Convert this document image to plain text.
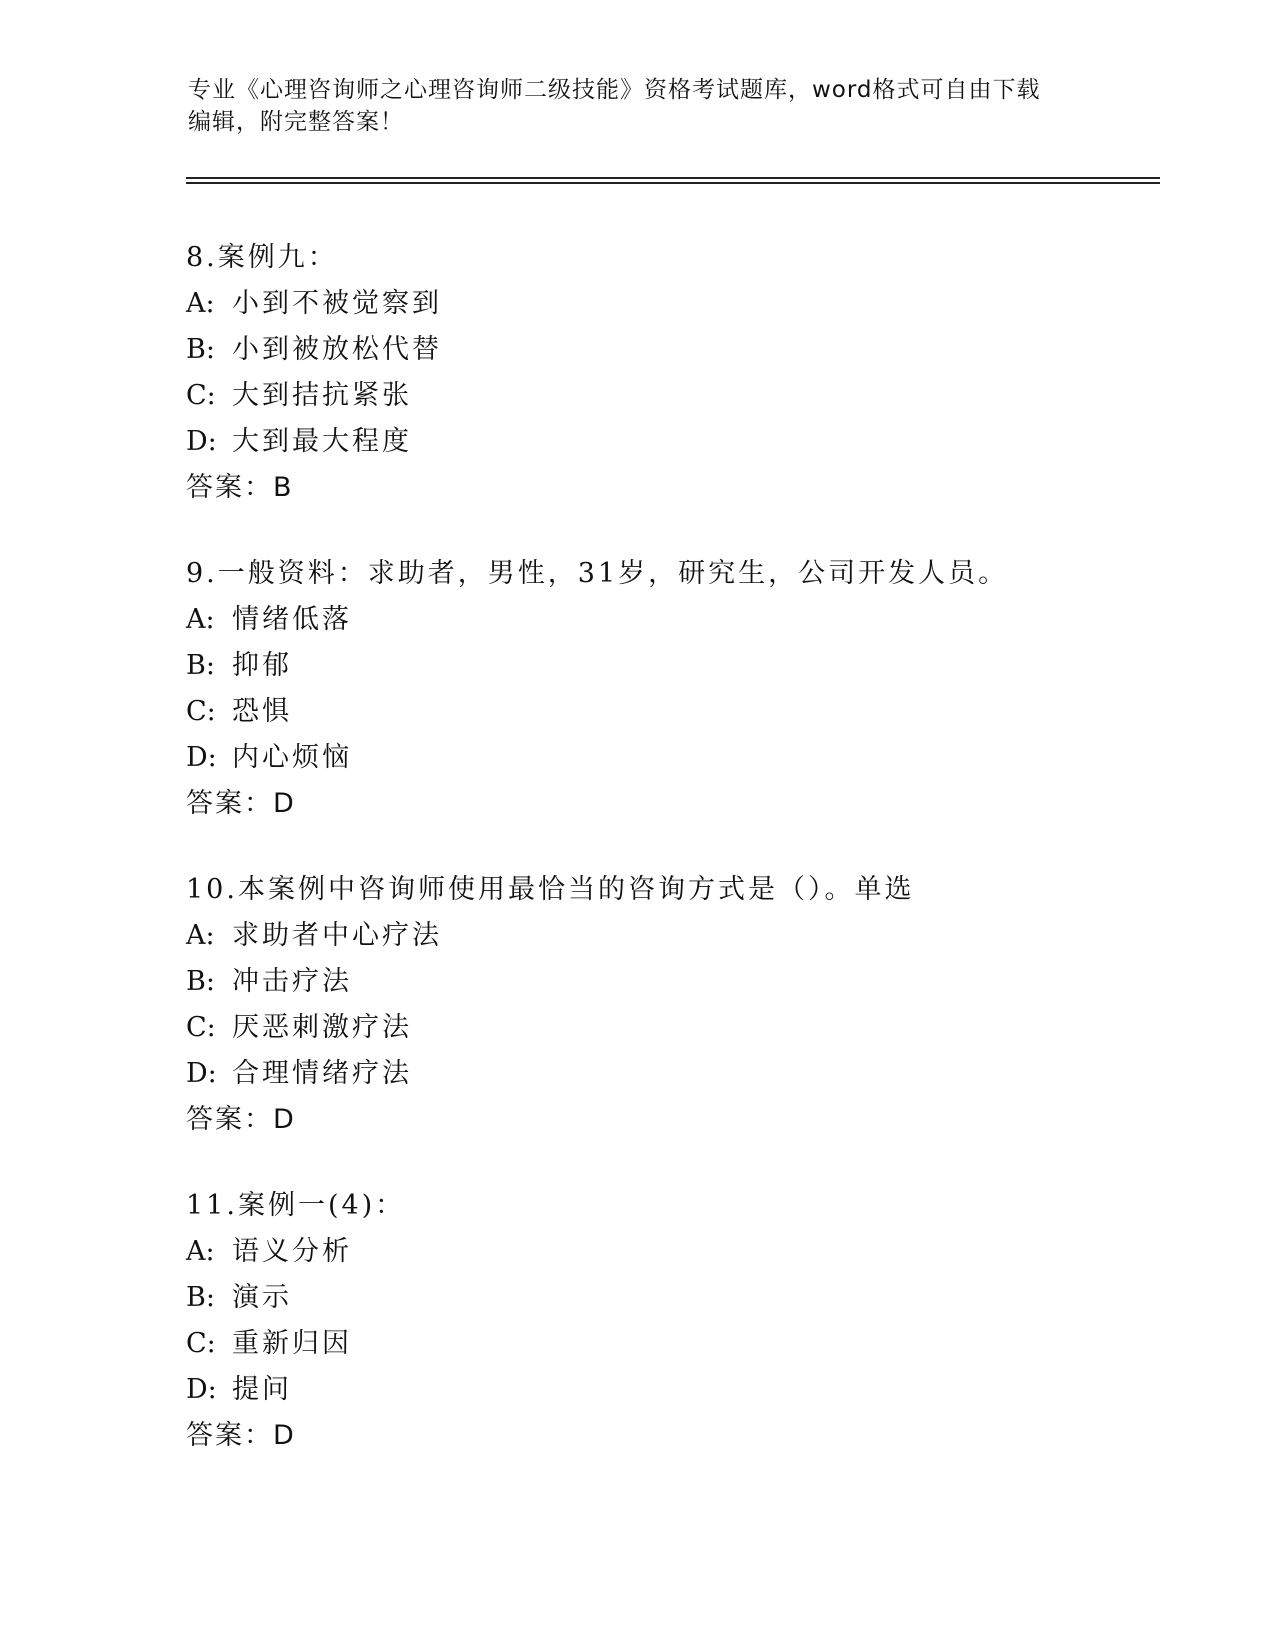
专业《心理咨询师之心理咨询师二级技能》资格考试题库，word格式可自由下载
编辑，附完整答案！
8.案例九：
A: 小到不被觉察到
B: 小到被放松代替
C: 大到拮抗紧张
D: 大到最大程度
答案：B
9.一般资料：求助者，男性，31岁，研究生，公司开发人员。
A: 情绪低落
B: 抑郁
C: 恐惧
D: 内心烦恼
答案：D
10.本案例中咨询师使用最恰当的咨询方式是（）。单选
A: 求助者中心疗法
B: 冲击疗法
C: 厌恶刺激疗法
D: 合理情绪疗法
答案：D
11.案例一(4)：
A: 语义分析
B: 演示
C: 重新归因
D: 提问
答案：D
